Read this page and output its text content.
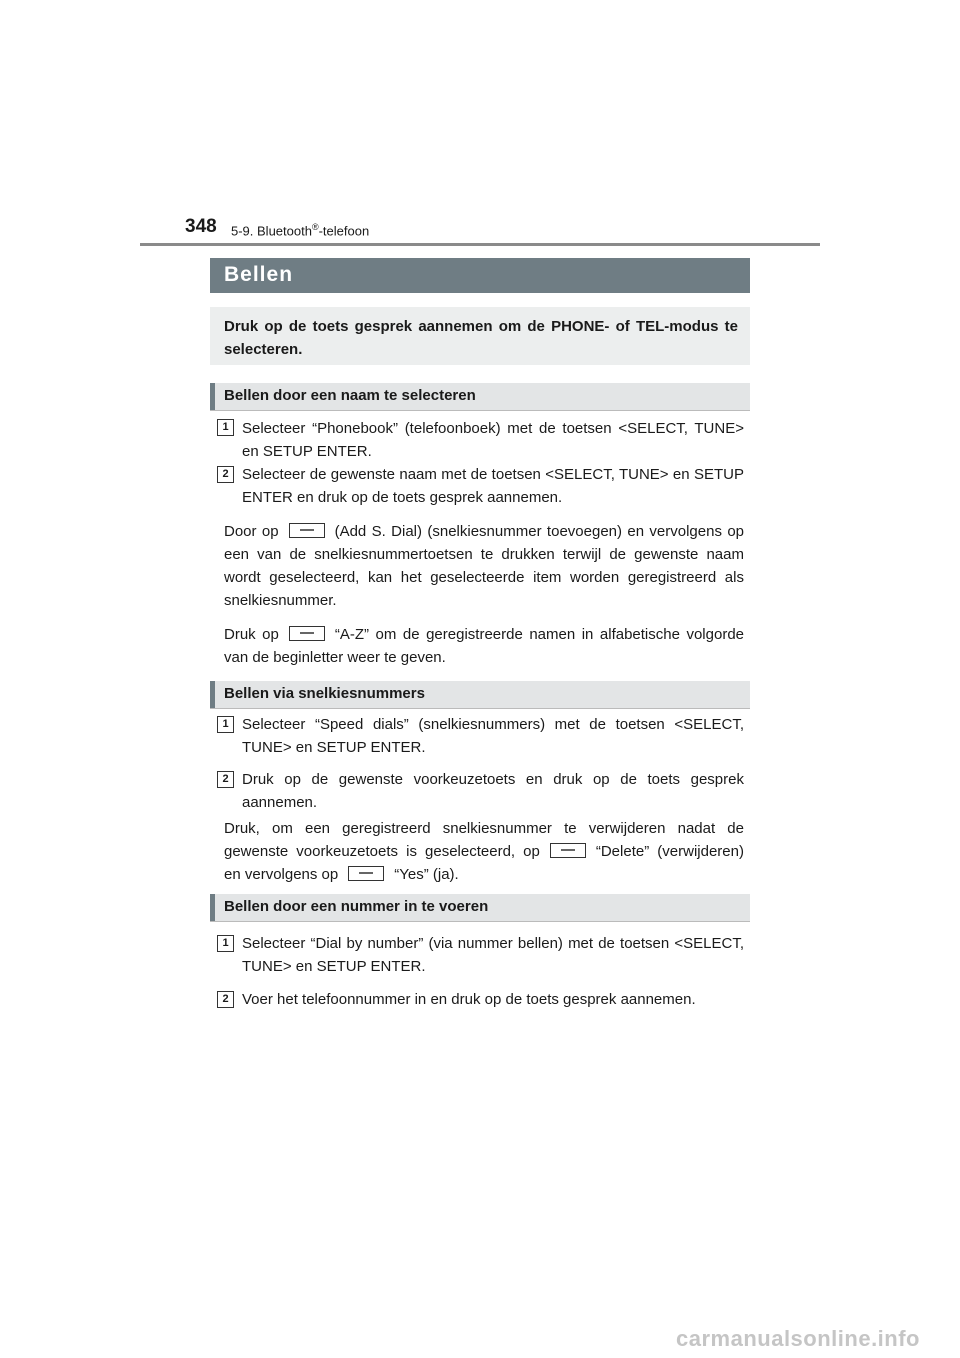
348 5-9. Bluetooth®-telefoon
Bellen
Druk op de toets gesprek aannemen om de PHONE- of TEL-modus te selecteren.
Bellen door een naam te selecteren
1 Selecteer “Phonebook” (telefoonboek) met de toetsen <SELECT, TUNE> en SETUP ENTER.
2 Selecteer de gewenste naam met de toetsen <SELECT, TUNE> en SETUP ENTER en druk op de toets gesprek aannemen.
Door op	(Add S. Dial) (snelkiesnummer toevoegen) en vervolgens op een van de snelkiesnummertoetsen te drukken terwijl de gewenste naam wordt geselecteerd, kan het geselecteerde item worden geregistreerd als snelkiesnummer.
Druk op	“A-Z” om de geregistreerde namen in alfabetische volgorde van de beginletter weer te geven.
Bellen via snelkiesnummers
1 Selecteer “Speed dials” (snelkiesnummers) met de toetsen <SELECT, TUNE> en SETUP ENTER.
2 Druk op de gewenste voorkeuzetoets en druk op de toets gesprek aannemen.
Druk, om een geregistreerd snelkiesnummer te verwijderen nadat de gewenste voorkeuzetoets is geselecteerd, op	“Delete” (verwijderen) en vervolgens op	“Yes” (ja).
Bellen door een nummer in te voeren
1 Selecteer “Dial by number” (via nummer bellen) met de toetsen <SELECT, TUNE> en SETUP ENTER.
2 Voer het telefoonnummer in en druk op de toets gesprek aannemen.
carmanualsonline.info
